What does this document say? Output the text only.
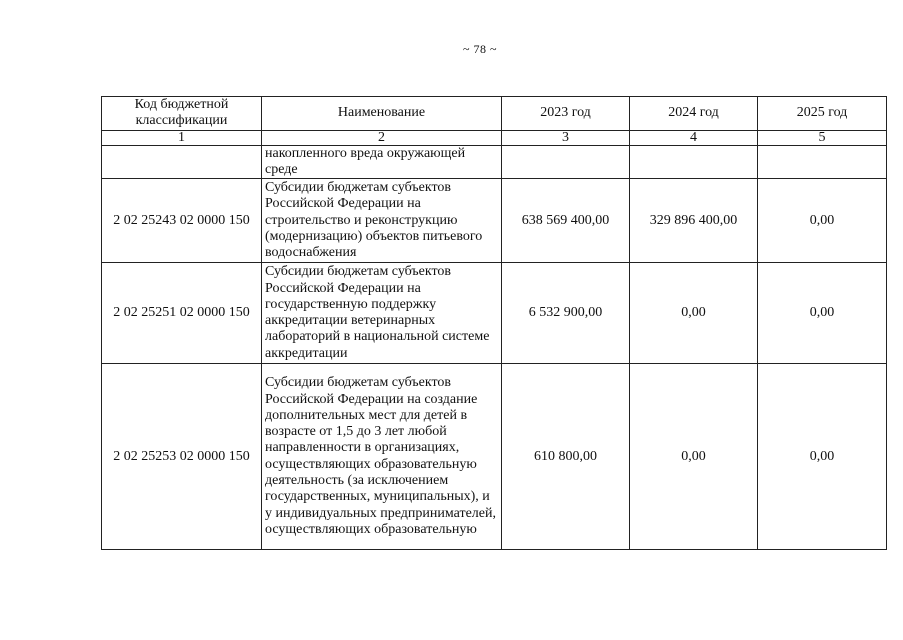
~ 78 ~
Код бюджетной классификации	Наименование	2023 год	2024 год	2025 год
1	2	3	4	5
	накопленного вреда окружающей среде			
2 02 25243 02 0000 150	Субсидии бюджетам субъектов Российской Федерации на строительство и реконструкцию (модернизацию) объектов питьевого водоснабжения	638 569 400,00	329 896 400,00	0,00
2 02 25251 02 0000 150	Субсидии бюджетам субъектов Российской Федерации на государственную поддержку аккредитации ветеринарных лабораторий в национальной системе аккредитации	6 532 900,00	0,00	0,00
2 02 25253 02 0000 150	Субсидии бюджетам субъектов Российской Федерации на создание дополнительных мест для детей в возрасте от 1,5 до 3 лет любой направленности в организациях, осуществляющих образовательную деятельность (за исключением государственных, муниципальных), и у индивидуальных предпринимателей, осуществляющих образовательную	610 800,00	0,00	0,00
